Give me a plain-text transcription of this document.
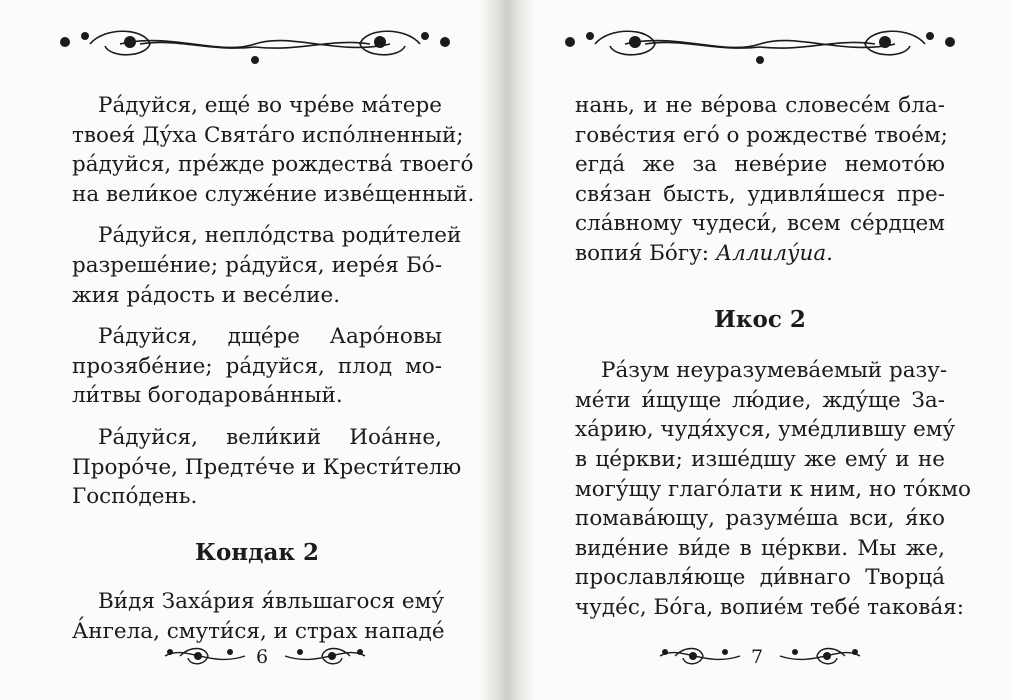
Ра́дуйся, еще́ во чре́ве ма́тере
твоея́ Ду́ха Свята́го испо́лненный;
ра́дуйся, пре́жде рождества́ твоего́
на вели́кое служе́ние изве́щенный.

Ра́дуйся, непло́дства роди́телей
разреше́ние; ра́дуйся, иере́я Бо́-
жия ра́дость и весе́лие.

Ра́дуйся, дще́ре Аaро́новы
прозябе́ние; ра́дуйся, плод мо-
ли́твы богодарова́нный.

Ра́дуйся, вели́кий Иоа́нне,
Проро́че, Предте́че и Крести́телю
Госпо́день.

Кондак 2

Ви́дя Заха́рия я́вльшагося ему́
А́нгела, смути́ся, и страх нападе́

нань, и не ве́рова словесе́м бла-
гове́стия его́ о рождестве́ твое́м;
егда́ же за неве́рие немото́ю
свя́зан бысть, удивля́шеся пре-
сла́вному чудеси́, всем се́рдцем
вопия́ Бо́гу: Аллилу́иа.

Икос 2

Ра́зум неуразумева́емый разу-
ме́ти и́щуще лю́дие, жду́ще За-
ха́рию, чудя́хуся, уме́длившу ему́
в це́ркви; изше́дшу же ему́ и не
могу́щу глаго́лати к ним, но то́кмо
помава́ющу, разуме́ша вси, я́ко
виде́ние ви́де в це́ркви. Мы же,
прославля́юще ди́внаго Творца́
чуде́с, Бо́га, вопие́м тебе́ такова́я:

6	7
